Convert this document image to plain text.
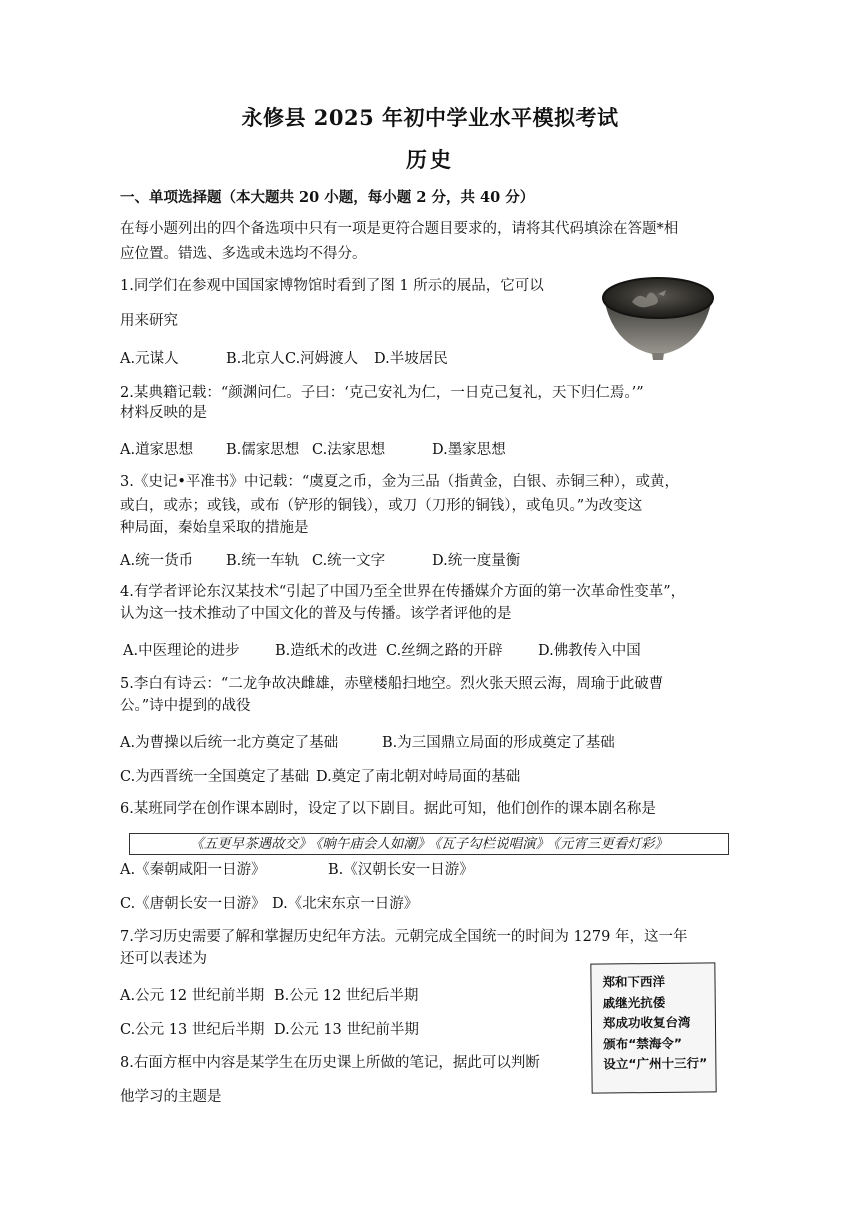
永修县 2025 年初中学业水平模拟考试
历史
一、单项选择题（本大题共 20 小题，每小题 2 分，共 40 分）
在每小题列出的四个备选项中只有一项是更符合题目要求的，请将其代码填涂在答题*相
应位置。错选、多选或未选均不得分。
1.同学们在参观中国国家博物馆时看到了图 1 所示的展品，它可以
用来研究
A.元谋人	B.北京人C.河姆渡人 D.半坡居民
2.某典籍记载：“颜渊问仁。子曰：‘克己安礼为仁，一日克己复礼，天下归仁焉。’”
材料反映的是
A.道家思想 B.儒家思想 C.法家思想	D.墨家思想
3.《史记•平准书》中记载：“虞夏之币，金为三品（指黄金，白银、赤铜三种），或黄，
或白，或赤；或钱，或布（铲形的铜钱），或刀（刀形的铜钱），或龟贝。”为改变这
种局面，秦始皇采取的措施是
A.统一货币 B.统一车轨 C.统一文字	D.统一度量衡
4.有学者评论东汉某技术“引起了中国乃至全世界在传播媒介方面的第一次革命性变革”，
认为这一技术推动了中国文化的普及与传播。该学者评他的是
A.中医理论的进步 B.造纸术的改进 C.丝绸之路的开辟 D.佛教传入中国
5.李白有诗云：“二龙争故决雌雄，赤壁楼船扫地空。烈火张天照云海，周瑜于此破曹
公。”诗中提到的战役
A.为曹操以后统一北方奠定了基础	B.为三国鼎立局面的形成奠定了基础
C.为西晋统一全国奠定了基础 D.奠定了南北朝对峙局面的基础
6.某班同学在创作课本剧时，设定了以下剧目。据此可知，他们创作的课本剧名称是
《五更早茶遇故交》 《晌午庙会人如潮》 《瓦子勾栏说唱演》 《元宵三更看灯彩》
A.《秦朝咸阳一日游》	B.《汉朝长安一日游》
C.《唐朝长安一日游》 D.《北宋东京一日游》
7.学习历史需要了解和掌握历史纪年方法。元朝完成全国统一的时间为 1279 年，这一年
还可以表述为
A.公元 12 世纪前半期 B.公元 12 世纪后半期
C.公元 13 世纪后半期 D.公元 13 世纪前半期
8.右面方框中内容是某学生在历史课上所做的笔记，据此可以判断
他学习的主题是
郑和下西洋
戚继光抗倭
郑成功收复台湾
颁布“禁海令”
设立“广州十三行”
